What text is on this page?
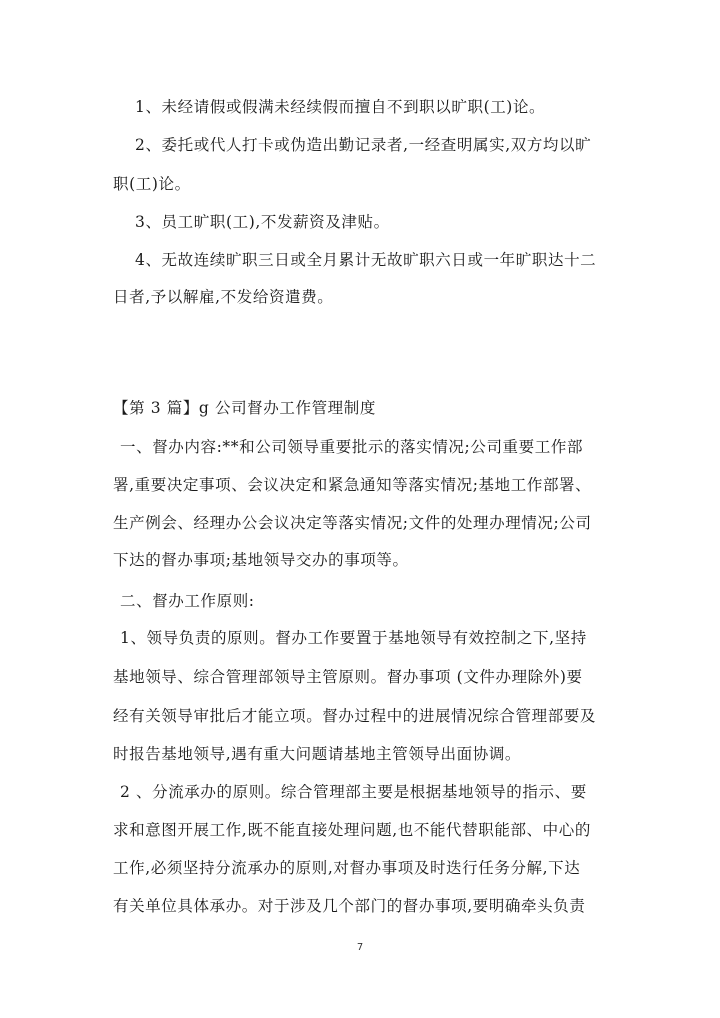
1、未经请假或假满未经续假而擅自不到职以旷职(工)论。
2、委托或代人打卡或伪造出勤记录者,一经查明属实,双方均以旷
职(工)论。
3、员工旷职(工),不发薪资及津贴。
4、无故连续旷职三日或全月累计无故旷职六日或一年旷职达十二
日者,予以解雇,不发给资遣费。
【第 3 篇】g 公司督办工作管理制度
一、督办内容:**和公司领导重要批示的落实情况;公司重要工作部
署,重要决定事项、会议决定和紧急通知等落实情况;基地工作部署、
生产例会、经理办公会议决定等落实情况;文件的处理办理情况;公司
下达的督办事项;基地领导交办的事项等。
二、督办工作原则:
1、领导负责的原则。督办工作要置于基地领导有效控制之下,坚持
基地领导、综合管理部领导主管原则。督办事项 (文件办理除外)要
经有关领导审批后才能立项。督办过程中的进展情况综合管理部要及
时报告基地领导,遇有重大问题请基地主管领导出面协调。
2 、分流承办的原则。综合管理部主要是根据基地领导的指示、要
求和意图开展工作,既不能直接处理问题,也不能代替职能部、中心的
工作,必须坚持分流承办的原则,对督办事项及时迭行任务分解,下达
有关单位具体承办。对于涉及几个部门的督办事项,要明确牵头负责
7
